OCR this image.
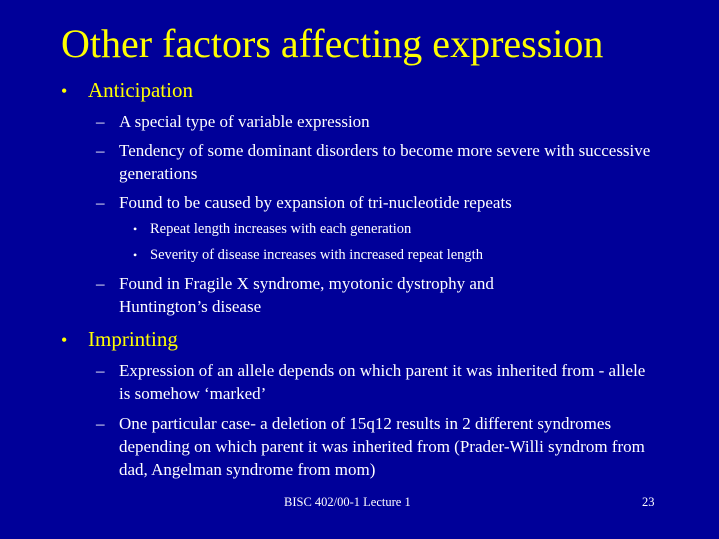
Other factors affecting expression
• Anticipation
– A special type of variable expression
– Tendency of some dominant disorders to become more severe with successive generations
– Found to be caused by expansion of tri-nucleotide repeats
• Repeat length increases with each generation
• Severity of disease increases with increased repeat length
– Found in Fragile X syndrome, myotonic dystrophy and Huntington’s disease
• Imprinting
– Expression of an allele depends on which parent it was inherited from - allele is somehow ‘marked’
– One particular case- a deletion of 15q12 results in 2 different syndromes depending on which parent it was inherited from (Prader-Willi syndrom from dad, Angelman syndrome from mom)
BISC 402/00-1 Lecture 1	23
